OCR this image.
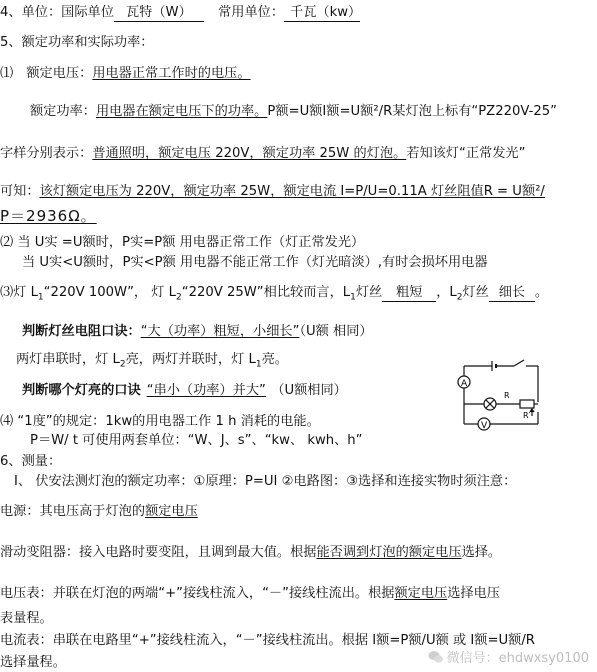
4、单位：国际单位 瓦特（W） 常用单位： 千瓦（kw）
5、额定功率和实际功率：
⑴　额定电压：用电器正常工作时的电压。
额定功率：用电器在额定电压下的功率。P额=U额I额=U额²/R某灯泡上标有“PZ220V-25”
字样分别表示：普通照明，额定电压 220V，额定功率 25W 的灯泡。若知该灯“正常发光”
可知：该灯额定电压为 220V，额定功率 25W，额定电流 I=P/U=0.11A 灯丝阻值R = U额²/
P＝2936Ω。
⑵ 当 U实 =U额时，P实=P额 用电器正常工作（灯正常发光）
当 U实<U额时，P实<P额 用电器不能正常工作（灯光暗淡）,有时会损坏用电器
⑶灯 $L_1“220V$ 100W”， 灯 $L_2“220V$ 25W”相比较而言，$L_1$灯丝 粗短 ，$L_2$灯丝 细长 。
判断灯丝电阻口诀：“大（功率）粗短，小细长”（U额 相同）
两灯串联时，灯 $L_2$亮，两灯并联时，灯 $L_1$亮。
判断哪个灯亮的口诀 “串小（功率）并大” （U额相同）	A
V
R
R′
⑷ “1度”的规定：1kw的用电器工作 1 h 消耗的电能。
P＝W/ t 可使用两套单位：“W、J、s”、“kw、 kwh、h”
6、测量：
Ⅰ、 伏安法测灯泡的额定功率：①原理：P=UI ②电路图：③选择和连接实物时须注意：
电源：其电压高于灯泡的额定电压
滑动变阻器：接入电路时要变阻，且调到最大值。根据能否调到灯泡的额定电压选择。
电压表：并联在灯泡的两端“+”接线柱流入，“－”接线柱流出。根据额定电压选择电压
表量程。
电流表：串联在电路里“+”接线柱流入，“－”接线柱流出。根据 I额=P额/U额 或 I额=U额/R
选择量程。	微信号：ehdwxsy0100
